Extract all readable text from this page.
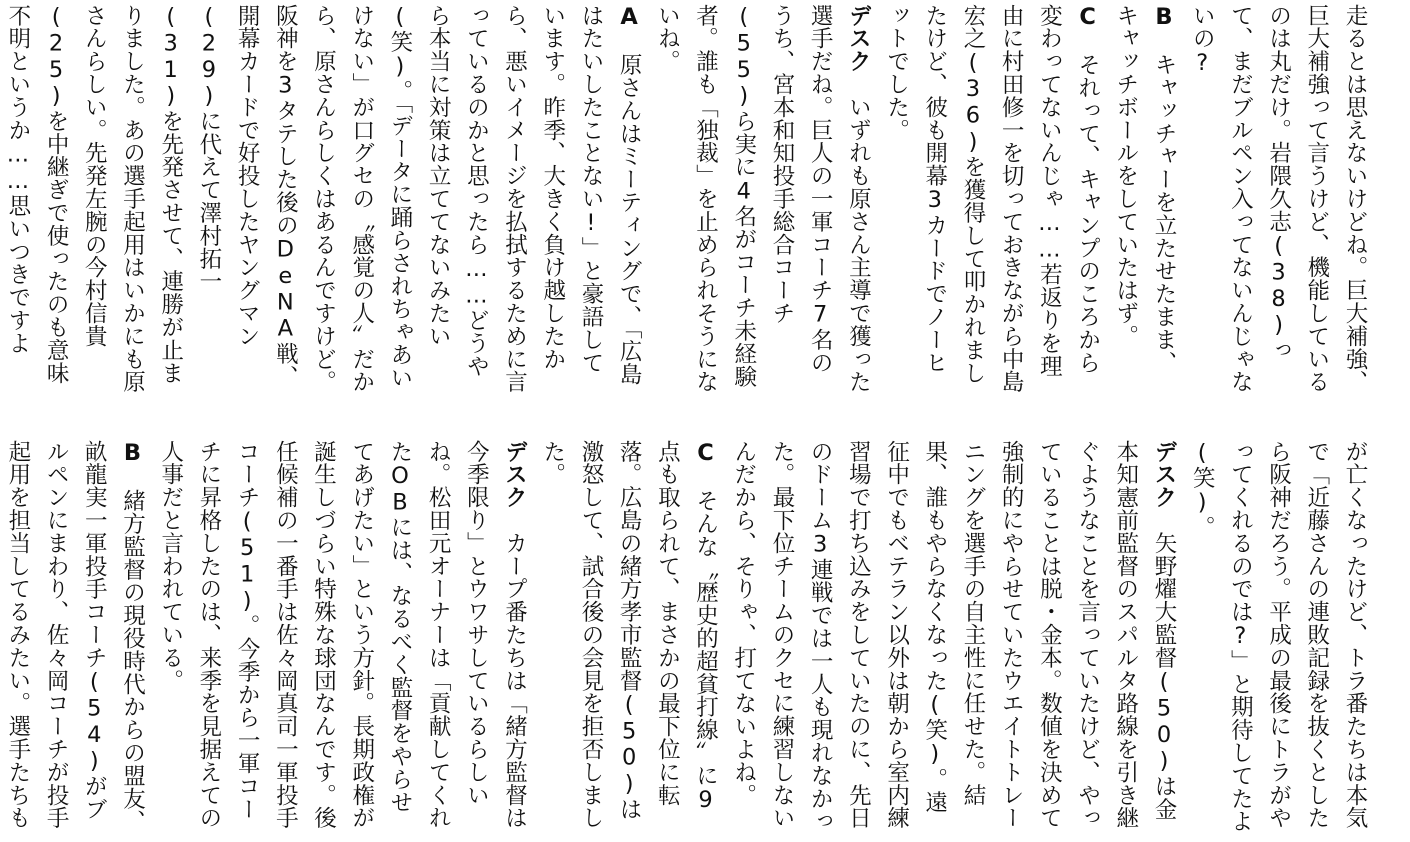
走るとは思えないけどね。巨大補強、巨大補強って言うけど、機能しているのは丸だけ。岩隈久志(38)って、まだブルペン入ってないんじゃないの?
B　キャッチャーを立たせたまま、キャッチボールをしていたはず。
C　それって、キャンプのころから変わってないんじゃ……若返りを理由に村田修一を切っておきながら中島宏之(36)を獲得して叩かれましたけど、彼も開幕3カードでノーヒットでした。
デスク　いずれも原さん主導で獲った選手だね。巨人の一軍コーチ7名のうち、宮本和知投手総合コーチ(55)ら実に4名がコーチ未経験者。誰も「独裁」を止められそうにないね。
A　原さんはミーティングで、「広島はたいしたことない!」と豪語しています。昨季、大きく負け越したから、悪いイメージを払拭するために言っているのかと思ったら……どうやら本当に対策は立ててないみたい(笑)。「データに踊らされちゃあいけない」が口グセの〝感覚の人〟だから、原さんらしくはあるんですけど。阪神を3タテした後のDeNA戦、開幕カードで好投したヤングマン(29)に代えて澤村拓一(31)を先発させて、連勝が止まりました。あの選手起用はいかにも原さんらしい。先発左腕の今村信貴(25)を中継ぎで使ったのも意味不明というか……思いつきですよ

が亡くなったけど、トラ番たちは本気で「近藤さんの連敗記録を抜くとしたら阪神だろう。平成の最後にトラがやってくれるのでは?」と期待してたよ(笑)。
デスク　矢野燿大監督(50)は金本知憲前監督のスパルタ路線を引き継ぐようなことを言っていたけど、やっていることは脱・金本。数値を決めて強制的にやらせていたウエイトトレーニングを選手の自主性に任せた。結果、誰もやらなくなった(笑)。遠征中でもベテラン以外は朝から室内練習場で打ち込みをしていたのに、先日のドーム3連戦では一人も現れなかった。最下位チームのクセに練習しないんだから、そりゃ、打てないよね。
C　そんな〝歴史的超貧打線〟に9点も取られて、まさかの最下位に転落。広島の緒方孝市監督(50)は激怒して、試合後の会見を拒否しました。
デスク　カープ番たちは「緒方監督は今季限り」とウワサしているらしいね。松田元オーナーは「貢献してくれたOBには、なるべく監督をやらせてあげたい」という方針。長期政権が誕生しづらい特殊な球団なんです。後任候補の一番手は佐々岡真司一軍投手コーチ(51)。今季から一軍コーチに昇格したのは、来季を見据えての人事だと言われている。
B　緒方監督の現役時代からの盟友、畝龍実一軍投手コーチ(54)がブルペンにまわり、佐々岡コーチが投手起用を担当してるみたい。選手たちも
